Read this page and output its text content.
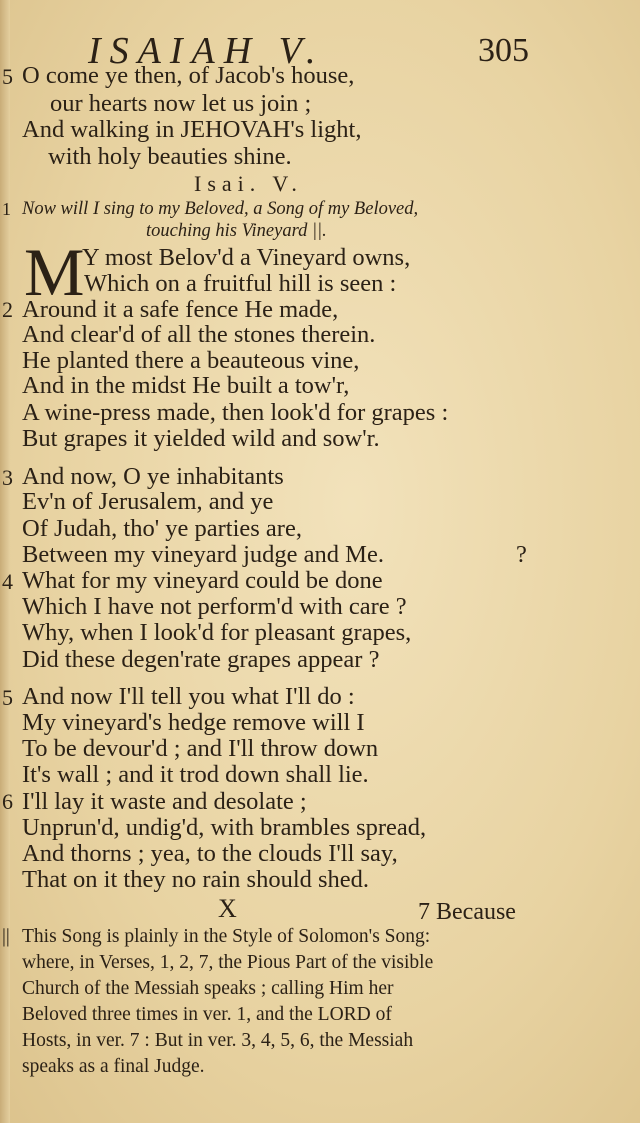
ISAIAH V.	305
5 O come ye then, of Jacob's house,
our hearts now let us join ;
And walking in JEHOVAH's light,
with holy beauties shine.
Isai. V.
1 Now will I sing to my Beloved, a Song of my Beloved,
touching his Vineyard ||.
M
Y most Belov'd a Vineyard owns,
Which on a fruitful hill is seen :
2 Around it a safe fence He made,
And clear'd of all the stones therein.
He planted there a beauteous vine,
And in the midst He built a tow'r,
A wine-press made, then look'd for grapes :
But grapes it yielded wild and sow'r.
3 And now, O ye inhabitants
Ev'n of Jerusalem, and ye
Of Judah, tho' ye parties are,
Between my vineyard judge and Me.	?
4 What for my vineyard could be done
Which I have not perform'd with care ?
Why, when I look'd for pleasant grapes,
Did these degen'rate grapes appear ?
5 And now I'll tell you what I'll do :
My vineyard's hedge remove will I
To be devour'd ; and I'll throw down
It's wall ; and it trod down shall lie.
6 I'll lay it waste and desolate ;
Unprun'd, undig'd, with brambles spread,
And thorns ; yea, to the clouds I'll say,
That on it they no rain should shed.
X	7 Because
|| This Song is plainly in the Style of Solomon's Song:
where, in Verses, 1, 2, 7, the Pious Part of the visible
Church of the Messiah speaks ; calling Him her
Beloved three times in ver. 1, and the LORD of
Hosts, in ver. 7 : But in ver. 3, 4, 5, 6, the Messiah
speaks as a final Judge.
